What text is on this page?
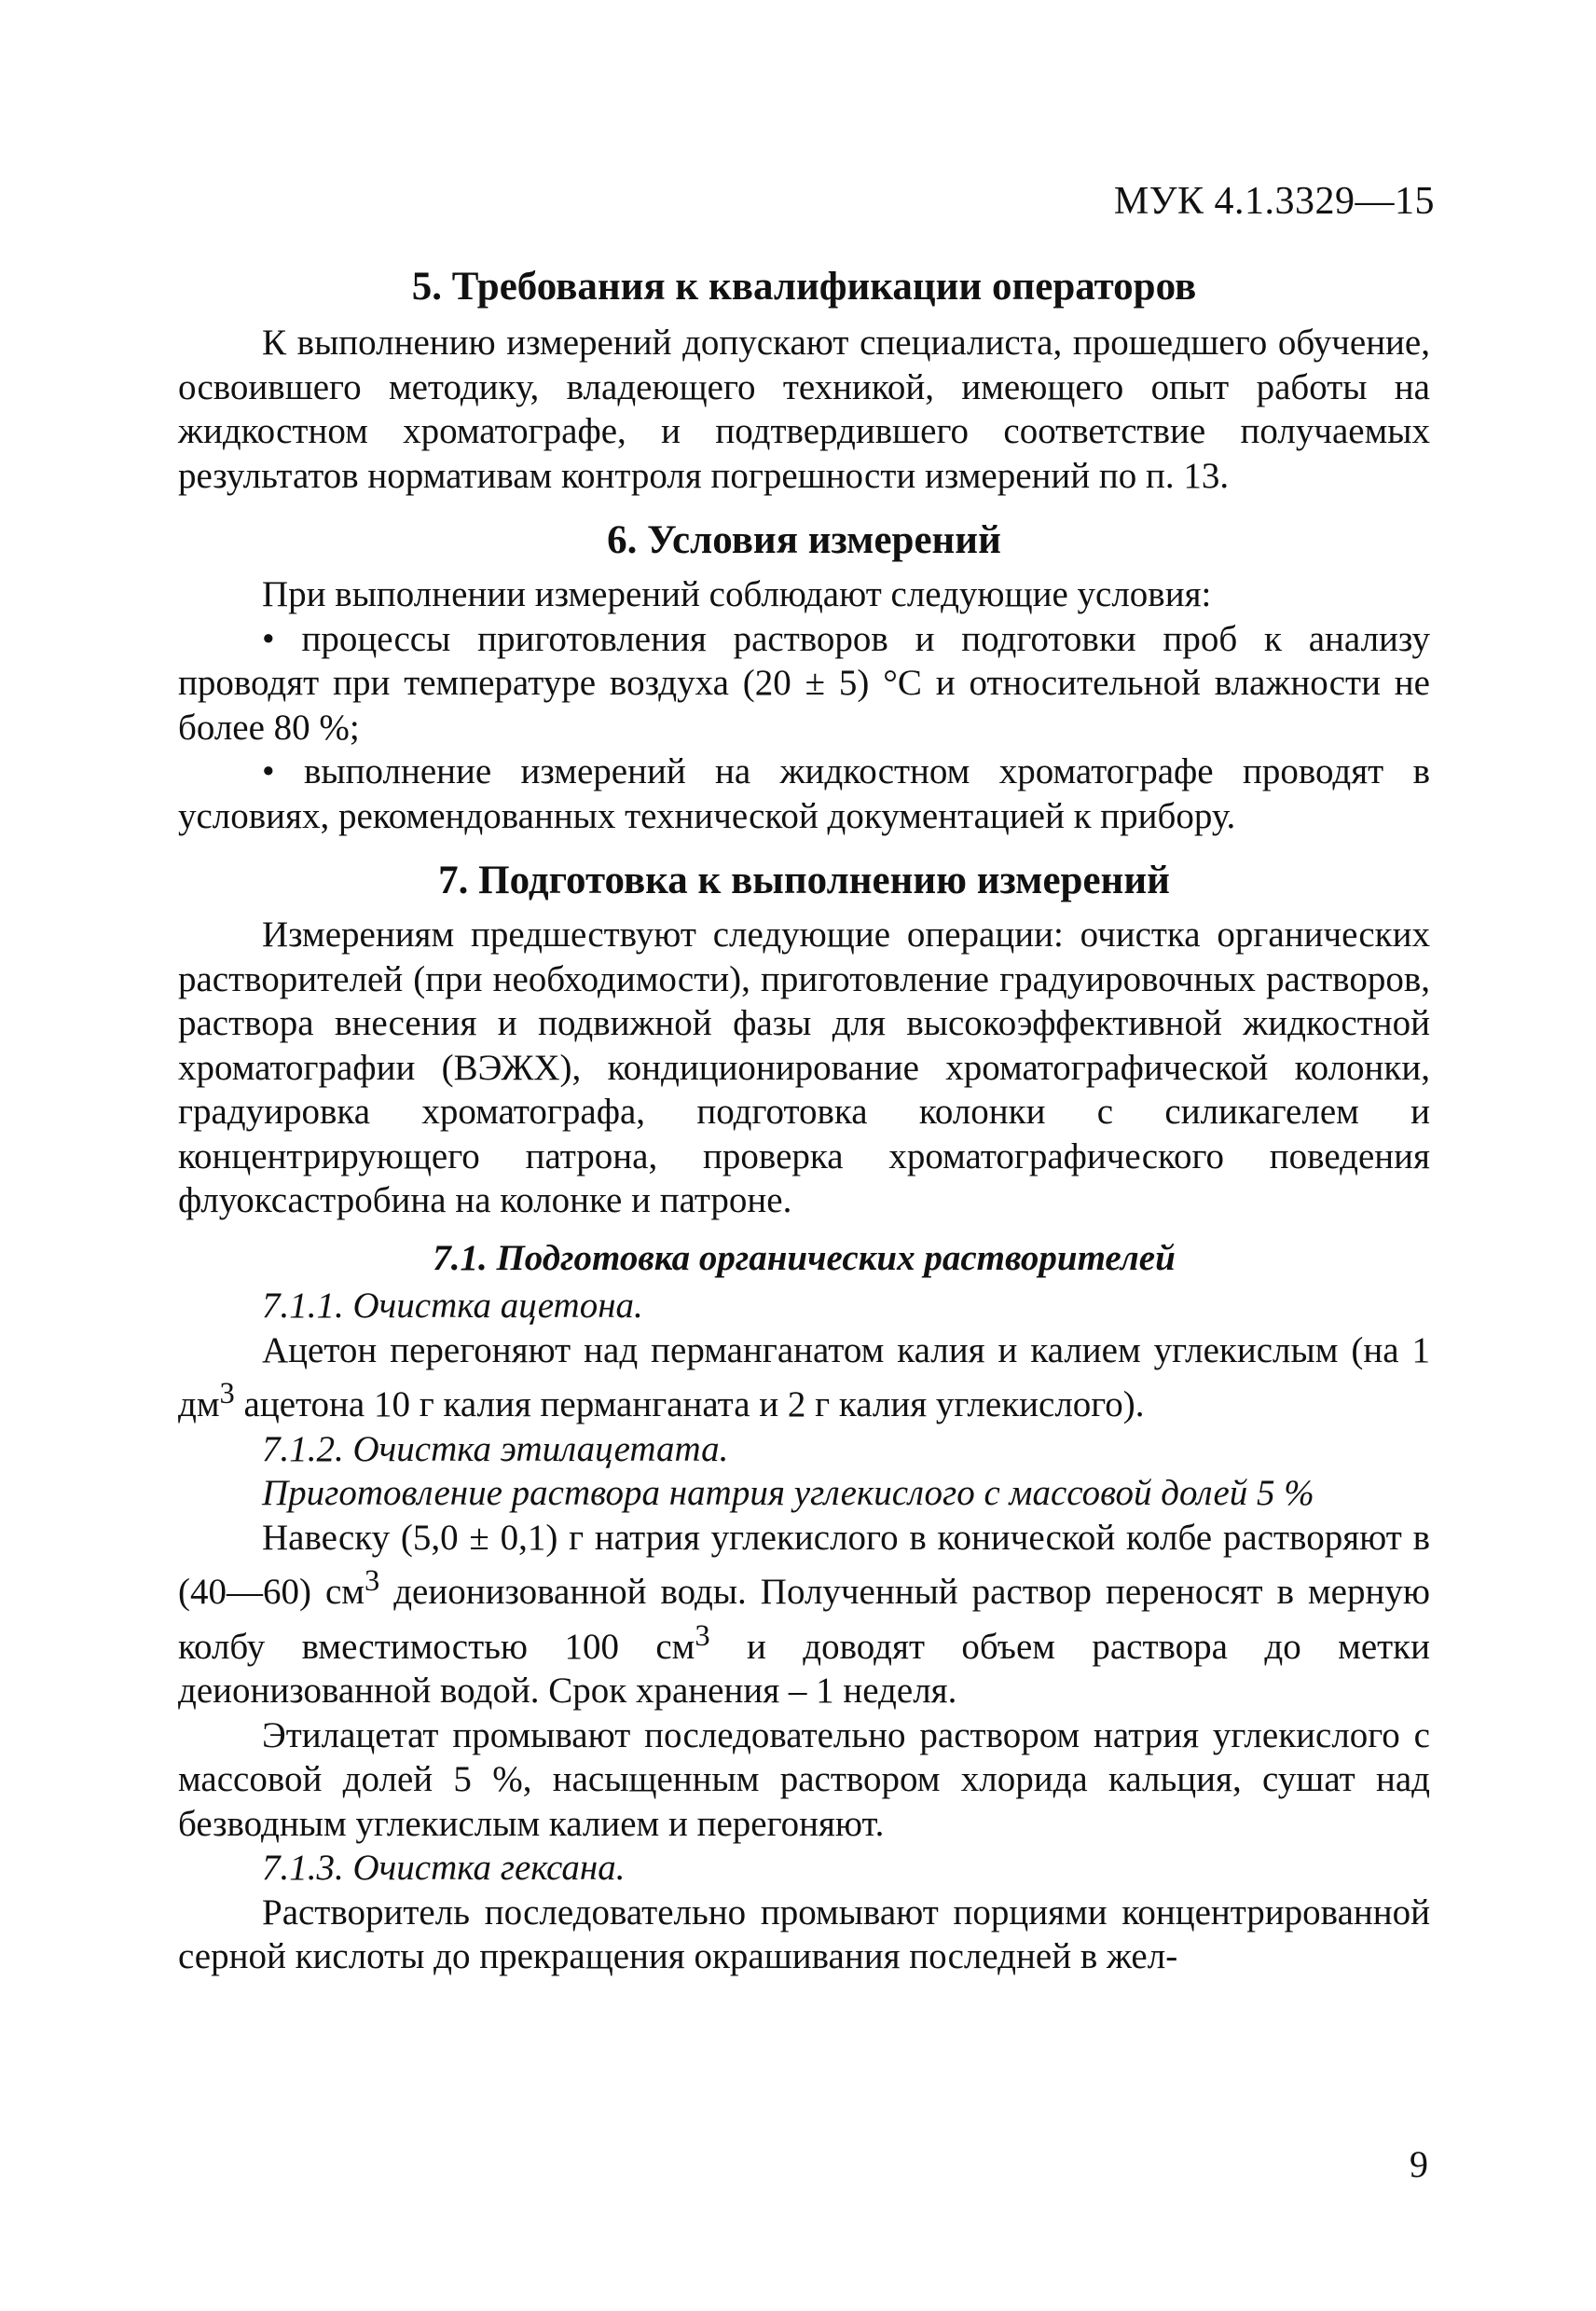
МУК 4.1.3329—15
5. Требования к квалификации операторов

К выполнению измерений допускают специалиста, прошедшего обучение, освоившего методику, владеющего техникой, имеющего опыт работы на жидкостном хроматографе, и подтвердившего соответствие получаемых результатов нормативам контроля погрешности измерений по п. 13.

6. Условия измерений

При выполнении измерений соблюдают следующие условия:

• процессы приготовления растворов и подготовки проб к анализу проводят при температуре воздуха (20 ± 5) °С и относительной влажности не более 80 %;

• выполнение измерений на жидкостном хроматографе проводят в условиях, рекомендованных технической документацией к прибору.

7. Подготовка к выполнению измерений

Измерениям предшествуют следующие операции: очистка органических растворителей (при необходимости), приготовление градуировочных растворов, раствора внесения и подвижной фазы для высокоэффективной жидкостной хроматографии (ВЭЖХ), кондиционирование хроматографической колонки, градуировка хроматографа, подготовка колонки с силикагелем и концентрирующего патрона, проверка хроматографического поведения флуоксастробина на колонке и патроне.

7.1. Подготовка органических растворителей

7.1.1. Очистка ацетона.

Ацетон перегоняют над перманганатом калия и калием углекислым (на 1 $дм^3$ ацетона 10 г калия перманганата и 2 г калия углекислого).

7.1.2. Очистка этилацетата.

Приготовление раствора натрия углекислого с массовой долей 5 %

Навеску (5,0 ± 0,1) г натрия углекислого в конической колбе растворяют в (40—60) $см^3$ деионизованной воды. Полученный раствор переносят в мерную колбу вместимостью 100 $см^3$ и доводят объем раствора до метки деионизованной водой. Срок хранения – 1 неделя.

Этилацетат промывают последовательно раствором натрия углекислого с массовой долей 5 %, насыщенным раствором хлорида кальция, сушат над безводным углекислым калием и перегоняют.

7.1.3. Очистка гексана.

Растворитель последовательно промывают порциями концентрированной серной кислоты до прекращения окрашивания последней в жел-

9
